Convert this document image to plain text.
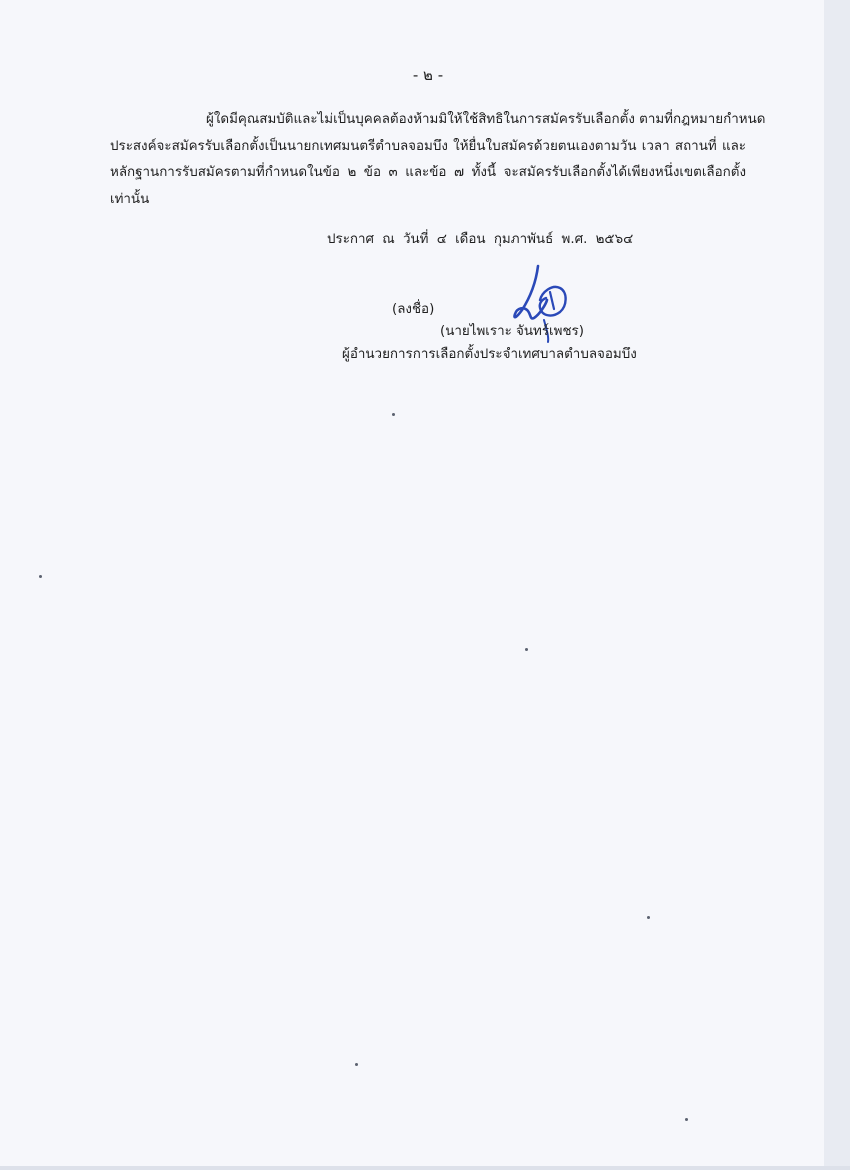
- ๒ -
ผู้ใดมีคุณสมบัติและไม่เป็นบุคคลต้องห้ามมิให้ใช้สิทธิในการสมัครรับเลือกตั้ง ตามที่กฎหมายกำหนด
ประสงค์จะสมัครรับเลือกตั้งเป็นนายกเทศมนตรีตำบลจอมบึง ให้ยื่นใบสมัครด้วยตนเองตามวัน เวลา สถานที่ และ
หลักฐานการรับสมัครตามที่กำหนดในข้อ ๒ ข้อ ๓ และข้อ ๗ ทั้งนี้ จะสมัครรับเลือกตั้งได้เพียงหนึ่งเขตเลือกตั้ง
เท่านั้น
ประกาศ ณ วันที่ ๔ เดือน กุมภาพันธ์ พ.ศ. ๒๕๖๔
(ลงชื่อ)
(นายไพเราะ จันทร์เพชร)
ผู้อำนวยการการเลือกตั้งประจำเทศบาลตำบลจอมบึง
